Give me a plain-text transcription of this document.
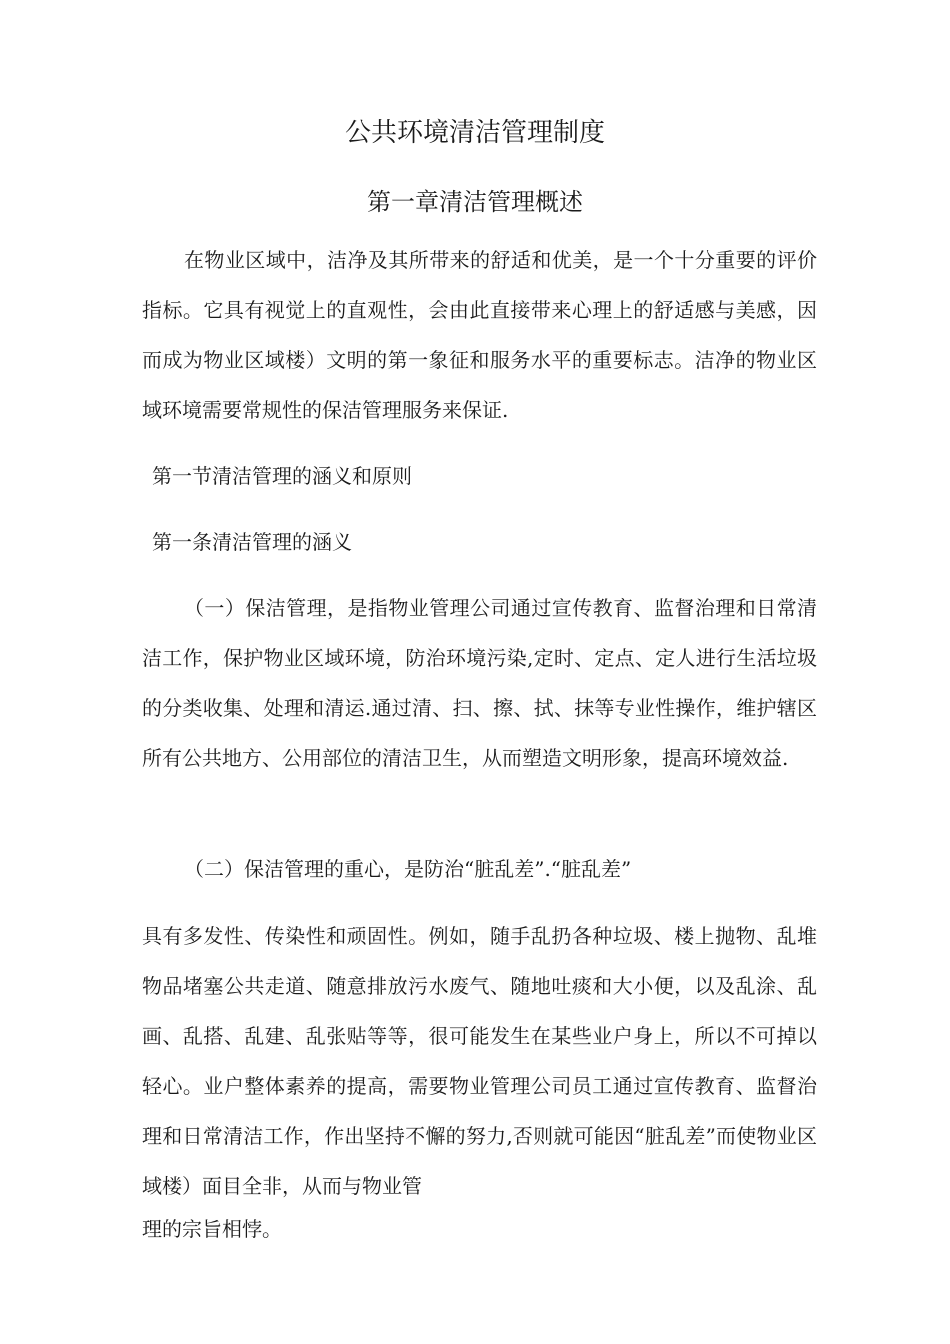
公共环境清洁管理制度
第一章清洁管理概述
在物业区域中，洁净及其所带来的舒适和优美，是一个十分重要的评价指标。它具有视觉上的直观性，会由此直接带来心理上的舒适感与美感，因而成为物业区域楼）文明的第一象征和服务水平的重要标志。洁净的物业区域环境需要常规性的保洁管理服务来保证.
第一节清洁管理的涵义和原则
第一条清洁管理的涵义
（一）保洁管理，是指物业管理公司通过宣传教育、监督治理和日常清洁工作，保护物业区域环境，防治环境污染,定时、定点、定人进行生活垃圾的分类收集、处理和清运.通过清、扫、擦、拭、抹等专业性操作，维护辖区所有公共地方、公用部位的清洁卫生，从而塑造文明形象，提高环境效益.
（二）保洁管理的重心，是防治“脏乱差”.“脏乱差”
具有多发性、传染性和顽固性。例如，随手乱扔各种垃圾、楼上抛物、乱堆物品堵塞公共走道、随意排放污水废气、随地吐痰和大小便，以及乱涂、乱画、乱搭、乱建、乱张贴等等，很可能发生在某些业户身上，所以不可掉以轻心。业户整体素养的提高，需要物业管理公司员工通过宣传教育、监督治理和日常清洁工作，作出坚持不懈的努力,否则就可能因“脏乱差”而使物业区域楼）面目全非，从而与物业管
理的宗旨相悖。
